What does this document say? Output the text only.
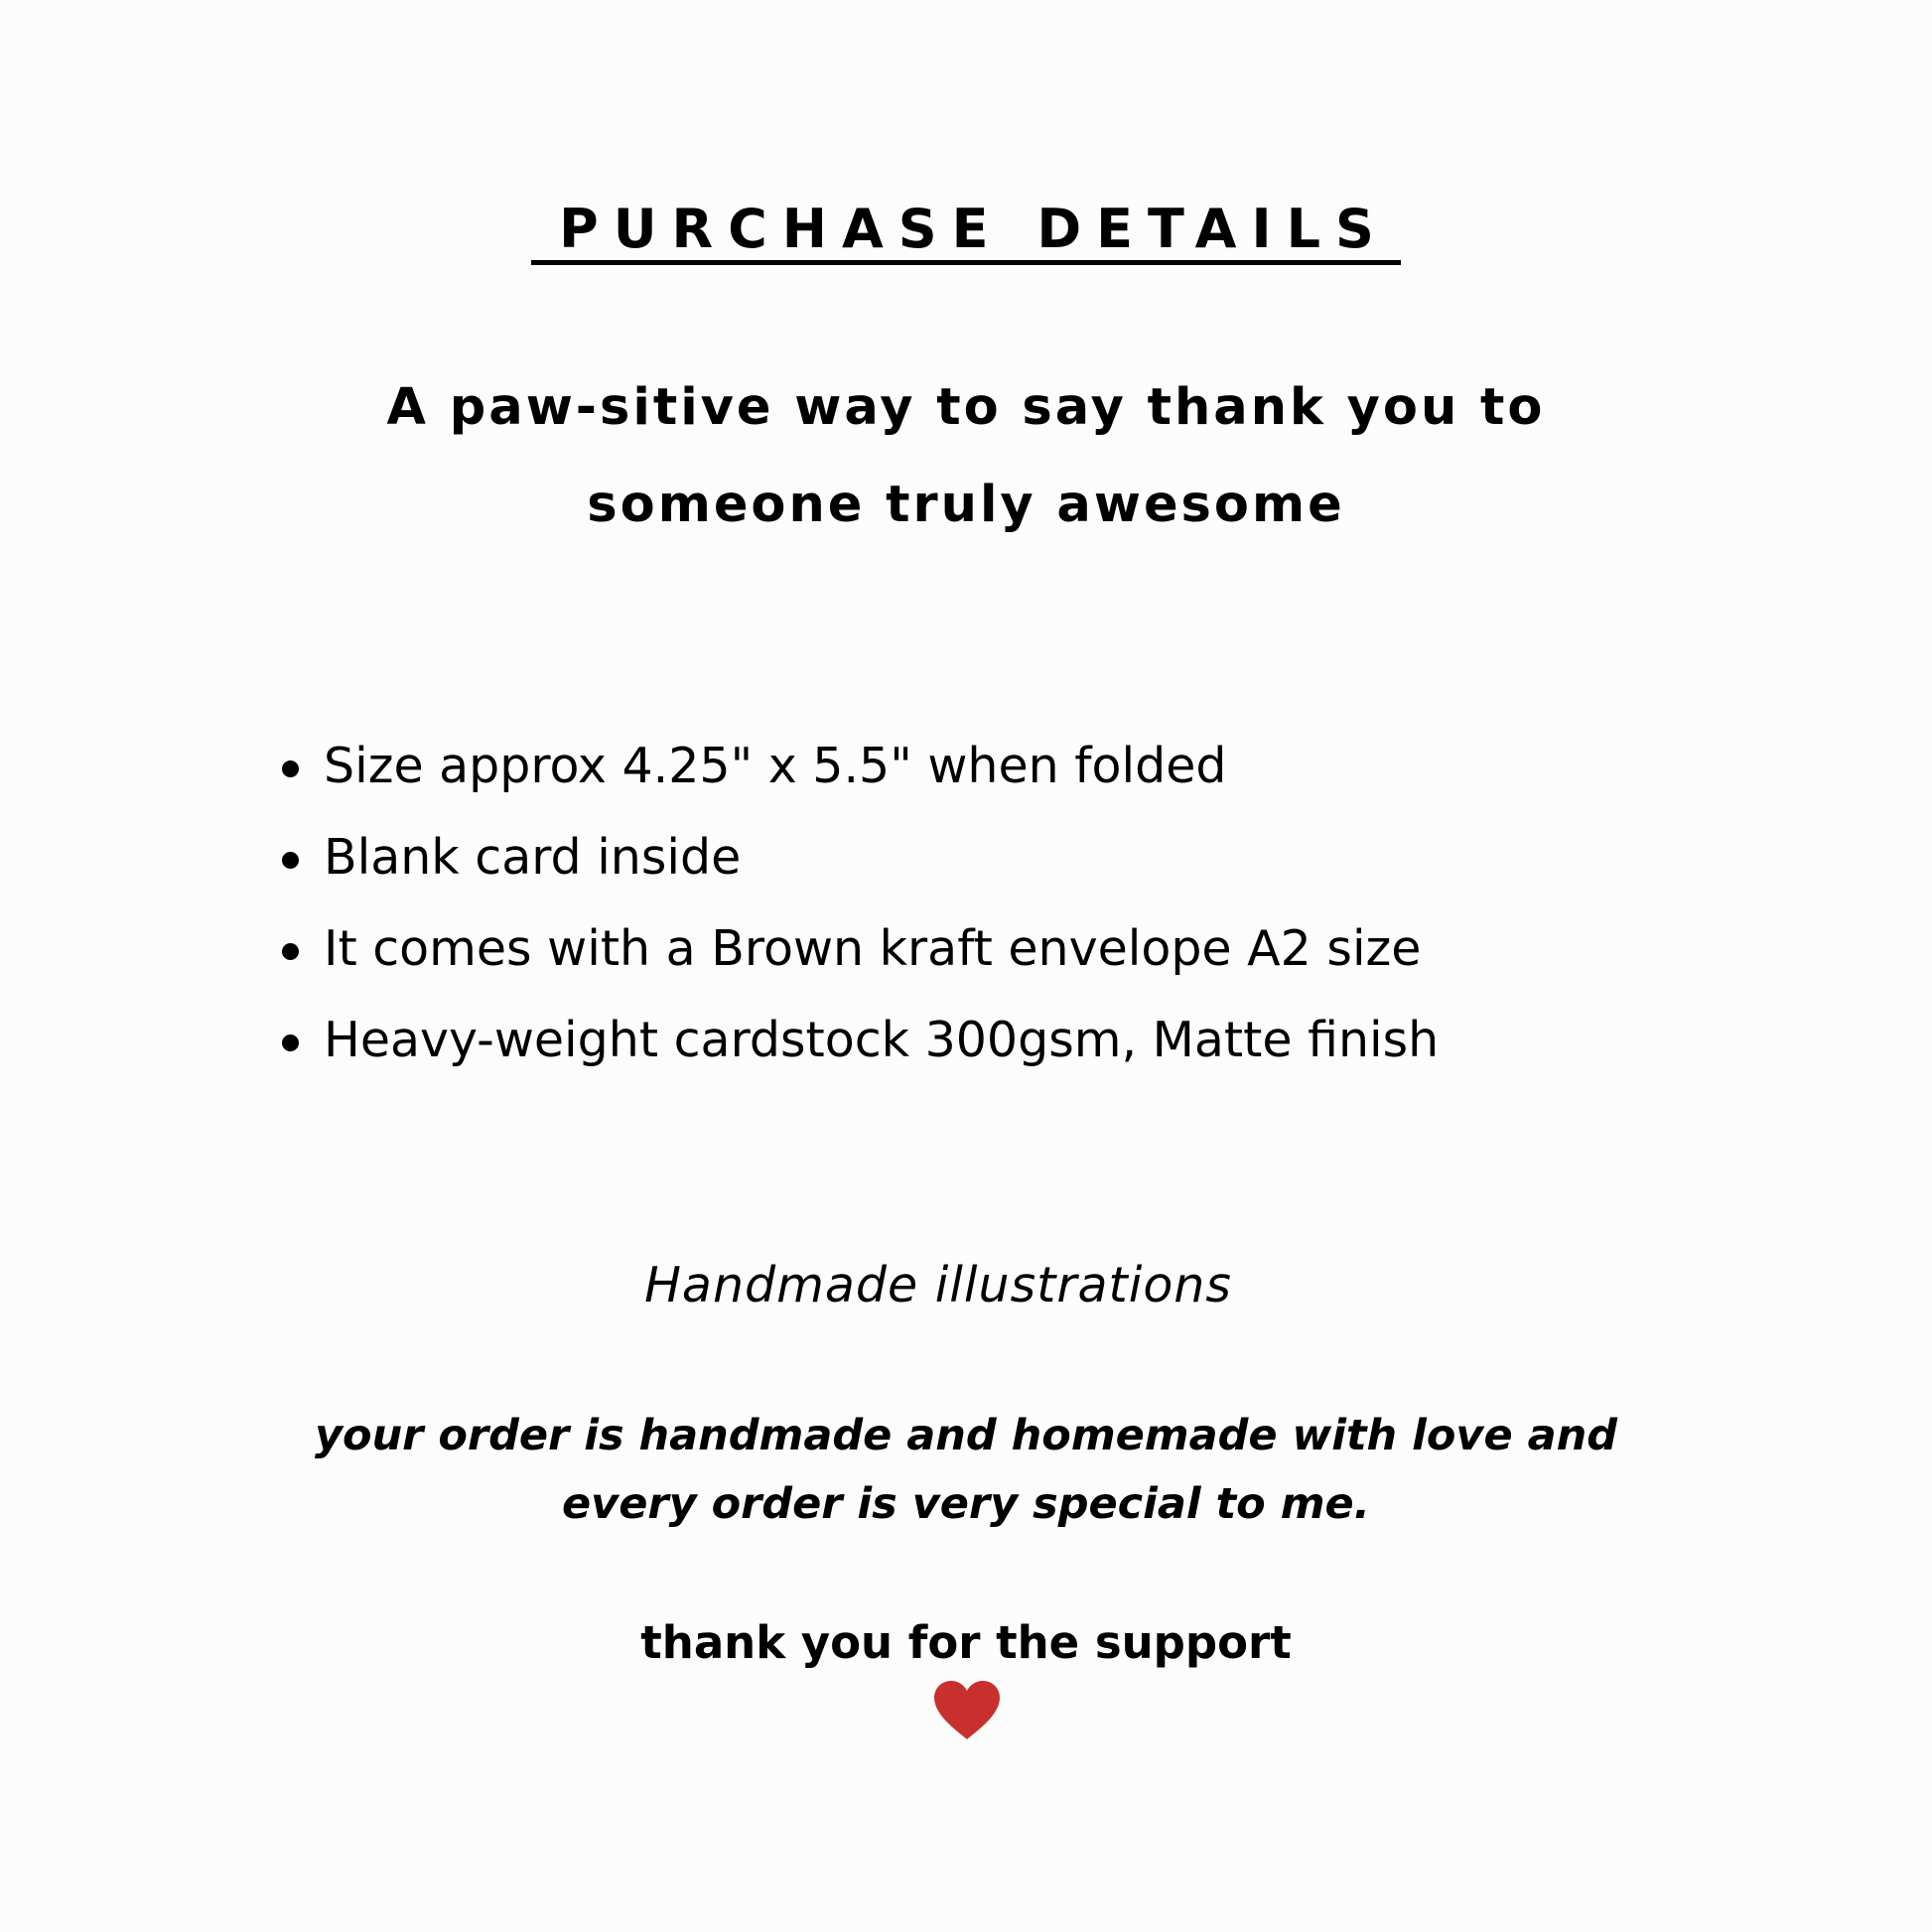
PURCHASE DETAILS
A paw-sitive way to say thank you to
someone truly awesome
Size approx 4.25" x 5.5" when folded
Blank card inside
It comes with a Brown kraft envelope A2 size
Heavy-weight cardstock 300gsm, Matte finish
Handmade illustrations
your order is handmade and homemade with love and
every order is very special to me.
thank you for the support
